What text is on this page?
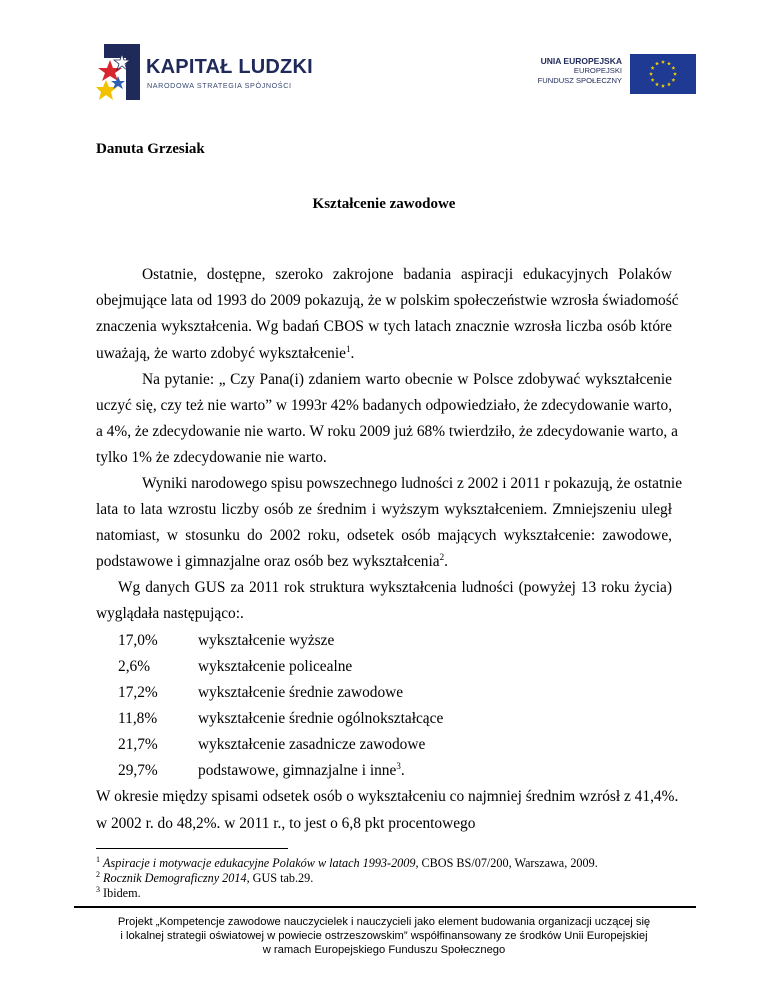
KAPITAŁ LUDZKI
NARODOWA STRATEGIA SPÓJNOŚCI
UNIA EUROPEJSKA
EUROPEJSKI
FUNDUSZ SPOŁECZNY
Danuta Grzesiak
Kształcenie zawodowe
Ostatnie, dostępne, szeroko zakrojone badania aspiracji edukacyjnych Polaków
obejmujące lata od 1993 do 2009 pokazują, że w polskim społeczeństwie wzrosła świadomość
znaczenia wykształcenia. Wg badań CBOS w tych latach znacznie wzrosła liczba osób które
uważają, że warto zdobyć wykształcenie$^1$.
Na pytanie: „ Czy Pana(i) zdaniem warto obecnie w Polsce zdobywać wykształcenie
uczyć się, czy też nie warto” w 1993r 42% badanych odpowiedziało, że zdecydowanie warto,
a 4%, że zdecydowanie nie warto. W roku 2009 już 68% twierdziło, że zdecydowanie warto, a
tylko 1% że zdecydowanie nie warto.
Wyniki narodowego spisu powszechnego ludności z 2002 i 2011 r pokazują, że ostatnie
lata to lata wzrostu liczby osób ze średnim i wyższym wykształceniem. Zmniejszeniu uległ
natomiast, w stosunku do 2002 roku, odsetek osób mających wykształcenie: zawodowe,
podstawowe i gimnazjalne oraz osób bez wykształcenia$^2$.
Wg danych GUS za 2011 rok struktura wykształcenia ludności (powyżej 13 roku życia)
wyglądała następująco:.
17,0%	wykształcenie wyższe
2,6%	wykształcenie policealne
17,2%	wykształcenie średnie zawodowe
11,8%	wykształcenie średnie ogólnokształcące
21,7%	wykształcenie zasadnicze zawodowe
29,7%	podstawowe, gimnazjalne i inne$^3$.
W okresie między spisami odsetek osób o wykształceniu co najmniej średnim wzrósł z 41,4%.
w 2002 r. do 48,2%. w 2011 r., to jest o 6,8 pkt procentowego
$^1$ Aspiracje i motywacje edukacyjne Polaków w latach 1993-2009, CBOS BS/07/200, Warszawa, 2009.
$^2$ Rocznik Demograficzny 2014, GUS tab.29.
$^3$ Ibidem.
Projekt „Kompetencje zawodowe nauczycielek i nauczycieli jako element budowania organizacji uczącej się
i lokalnej strategii oświatowej w powiecie ostrzeszowskim” współfinansowany ze środków Unii Europejskiej
w ramach Europejskiego Funduszu Społecznego
